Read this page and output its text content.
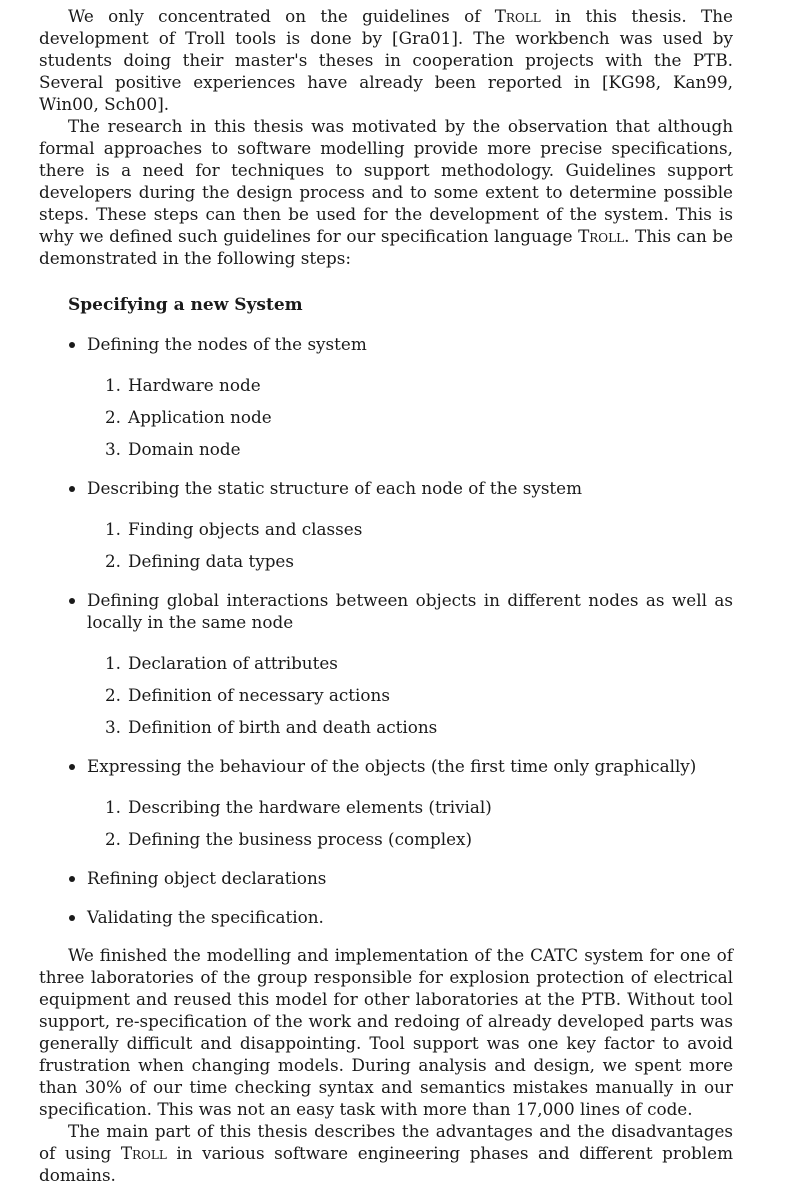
We only concentrated on the guidelines of Troll in this thesis. The development of Troll tools is done by [Gra01]. The workbench was used by students doing their master's theses in cooperation projects with the PTB. Several positive experiences have already been reported in [KG98, Kan99, Win00, Sch00].

The research in this thesis was motivated by the observation that although formal approaches to software modelling provide more precise specifications, there is a need for techniques to support methodology. Guidelines support developers during the design process and to some extent to determine possible steps. These steps can then be used for the development of the system. This is why we defined such guidelines for our specification language Troll. This can be demonstrated in the following steps:

Specifying a new System
Defining the nodes of the system
1. Hardware node
2. Application node
3. Domain node
Describing the static structure of each node of the system
1. Finding objects and classes
2. Defining data types
Defining global interactions between objects in different nodes as well as locally in the same node
1. Declaration of attributes
2. Definition of necessary actions
3. Definition of birth and death actions
Expressing the behaviour of the objects (the first time only graphically)
1. Describing the hardware elements (trivial)
2. Defining the business process (complex)
Refining object declarations
Validating the specification.

We finished the modelling and implementation of the CATC system for one of three laboratories of the group responsible for explosion protection of electrical equipment and reused this model for other laboratories at the PTB. Without tool support, re-specification of the work and redoing of already developed parts was generally difficult and disappointing. Tool support was one key factor to avoid frustration when changing models. During analysis and design, we spent more than 30% of our time checking syntax and semantics mistakes manually in our specification. This was not an easy task with more than 17,000 lines of code.

The main part of this thesis describes the advantages and the disadvantages of using Troll in various software engineering phases and different problem domains.
